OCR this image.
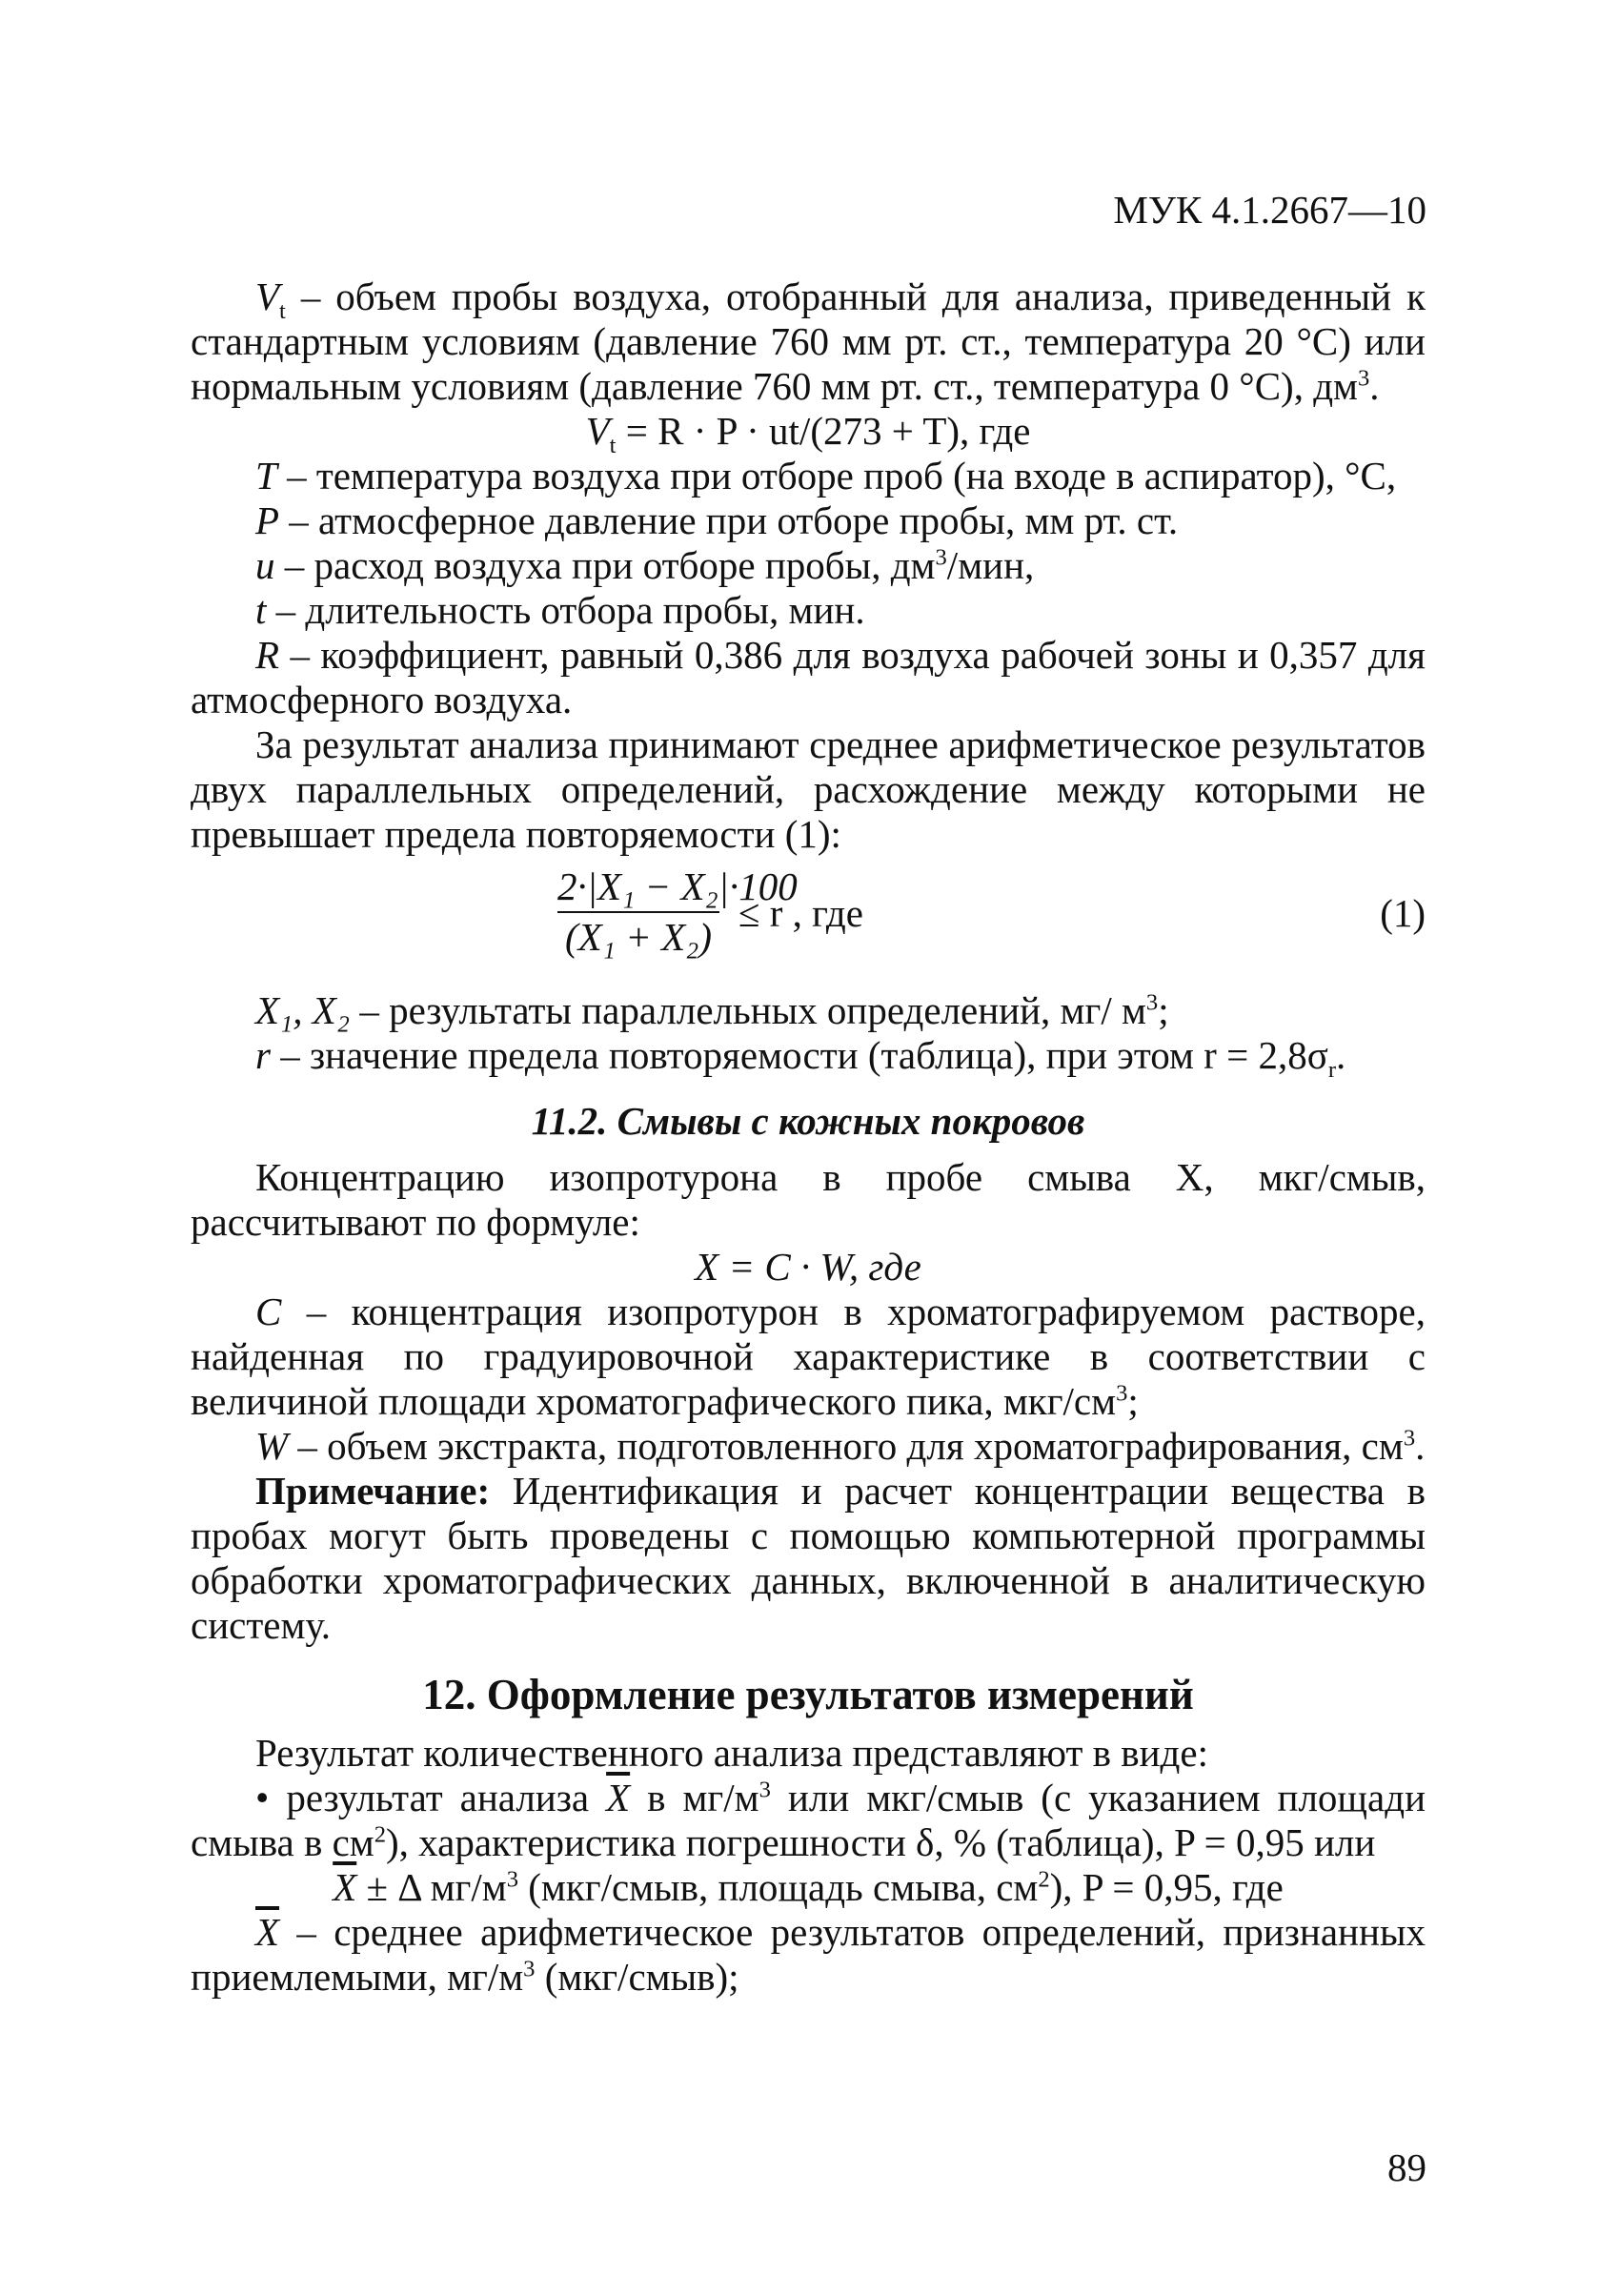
МУК 4.1.2667—10

$V_t$ – объем пробы воздуха, отобранный для анализа, приведенный к стандартным условиям (давление 760 мм рт. ст., температура 20 °С) или нормальным условиям (давление 760 мм рт. ст., температура 0 °С), $дм^3$.

$V_t = R \cdot P \cdot ut/(273 + T)$, где

T – температура воздуха при отборе проб (на входе в аспиратор), °С,

P – атмосферное давление при отборе пробы, мм рт. ст.

u – расход воздуха при отборе пробы, $дм^3$/мин,

t – длительность отбора пробы, мин.

R – коэффициент, равный 0,386 для воздуха рабочей зоны и 0,357 для атмосферного воздуха.

За результат анализа принимают среднее арифметическое результатов двух параллельных определений, расхождение между которыми не превышает предела повторяемости (1):

2·|X₁ − X₂|·100
(X₁ + X₂)
≤ r , где	(1)

X₁, X₂ – результаты параллельных определений, мг/ $м^3$;

r – значение предела повторяемости (таблица), при этом $r = 2,8\sigma_r$.

11.2. Смывы с кожных покровов

Концентрацию изопротурона в пробе смыва X, мкг/смыв, рассчитывают по формуле:

X = C · W, где

C – концентрация изопротурон в хроматографируемом растворе, найденная по градуировочной характеристике в соответствии с величиной площади хроматографического пика, мкг/$см^3$;

W – объем экстракта, подготовленного для хроматографирования, $см^3$.

Примечание: Идентификация и расчет концентрации вещества в пробах могут быть проведены с помощью компьютерной программы обработки хроматографических данных, включенной в аналитическую систему.

12. Оформление результатов измерений

Результат количественного анализа представляют в виде:

• результат анализа $\overline{X}$ в $мг/м^3$ или мкг/смыв (с указанием площади смыва в $см^2$), характеристика погрешности δ, % (таблица), P = 0,95 или

$\overline{X} \pm \Delta$ $мг/м^3$ (мкг/смыв, площадь смыва, $см^2$), P = 0,95, где

$\overline{X}$ – среднее арифметическое результатов определений, признанных приемлемыми, $мг/м^3$ (мкг/смыв);

89
